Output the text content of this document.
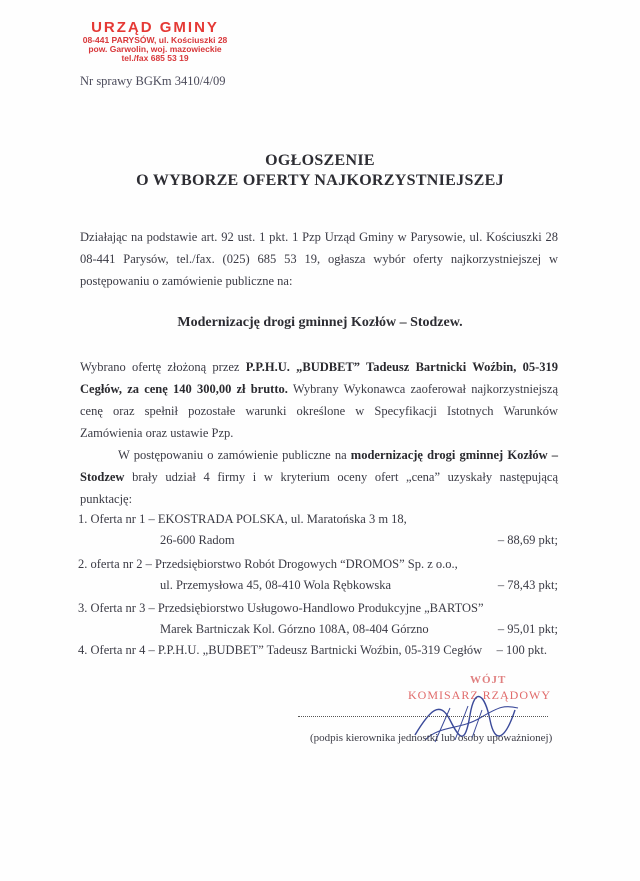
URZĄD GMINY
08-441 PARYSÓW, ul. Kościuszki 28
pow. Garwolin, woj. mazowieckie
tel./fax 685 53 19
Nr sprawy BGKm 3410/4/09
OGŁOSZENIE
O WYBORZE OFERTY NAJKORZYSTNIEJSZEJ
Działając na podstawie art. 92 ust. 1 pkt. 1 Pzp Urząd Gminy w Parysowie, ul. Kościuszki 28 08-441 Parysów, tel./fax. (025) 685 53 19, ogłasza wybór oferty najkorzystniejszej w postępowaniu o zamówienie publiczne na:
Modernizację drogi gminnej Kozłów – Stodzew.
Wybrano ofertę złożoną przez P.P.H.U. „BUDBET” Tadeusz Bartnicki Woźbin, 05-319 Cegłów, za cenę 140 300,00 zł brutto. Wybrany Wykonawca zaoferował najkorzystniejszą cenę oraz spełnił pozostałe warunki określone w Specyfikacji Istotnych Warunków Zamówienia oraz ustawie Pzp.
W postępowaniu o zamówienie publiczne na modernizację drogi gminnej Kozłów – Stodzew brały udział 4 firmy i w kryterium oceny ofert „cena” uzyskały następującą punktację:
1. Oferta nr 1 – EKOSTRADA POLSKA, ul. Maratońska 3 m 18,
26-600 Radom	– 88,69 pkt;
2. oferta nr 2 – Przedsiębiorstwo Robót Drogowych “DROMOS” Sp. z o.o.,
ul. Przemysłowa 45, 08-410 Wola Rębkowska	– 78,43 pkt;
3. Oferta nr 3 – Przedsiębiorstwo Usługowo-Handlowo Produkcyjne „BARTOS”
Marek Bartniczak Kol. Górzno 108A, 08-404 Górzno	– 95,01 pkt;
4. Oferta nr 4 – P.P.H.U. „BUDBET” Tadeusz Bartnicki Woźbin, 05-319 Cegłów – 100 pkt.
WÓJT
KOMISARZ RZĄDOWY
(podpis kierownika jednostki lub osoby upoważnionej)
